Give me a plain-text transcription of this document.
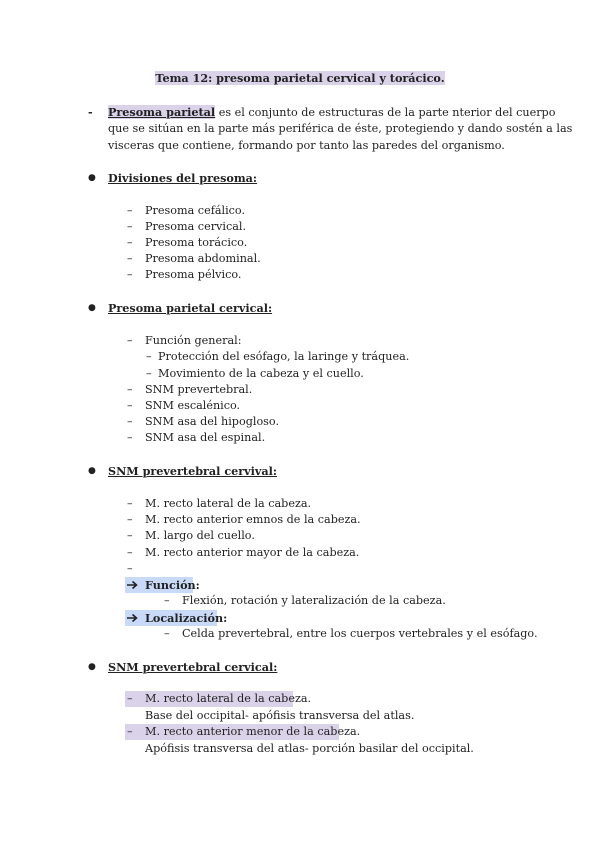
Tema 12: presoma parietal cervical y torácico.
- Presoma parietal es el conjunto de estructuras de la parte nterior del cuerpo
que se sitúan en la parte más periférica de éste, protegiendo y dando sostén a las
visceras que contiene, formando por tanto las paredes del organismo.
● Divisiones del presoma:
– Presoma cefálico.
– Presoma cervical.
– Presoma torácico.
– Presoma abdominal.
– Presoma pélvico.
● Presoma parietal cervical:
– Función general:
– Protección del esófago, la laringe y tráquea.
– Movimiento de la cabeza y el cuello.
– SNM prevertebral.
– SNM escalénico.
– SNM asa del hipogloso.
– SNM asa del espinal.
● SNM prevertebral cervival:
– M. recto lateral de la cabeza.
– M. recto anterior emnos de la cabeza.
– M. largo del cuello.
– M. recto anterior mayor de la cabeza.
–
Función:
– Flexión, rotación y lateralización de la cabeza.
Localización:
– Celda prevertebral, entre los cuerpos vertebrales y el esófago.
● SNM prevertebral cervical:
– M. recto lateral de la cabeza.
Base del occipital- apófisis transversa del atlas.
– M. recto anterior menor de la cabeza.
Apófisis transversa del atlas- porción basilar del occipital.
